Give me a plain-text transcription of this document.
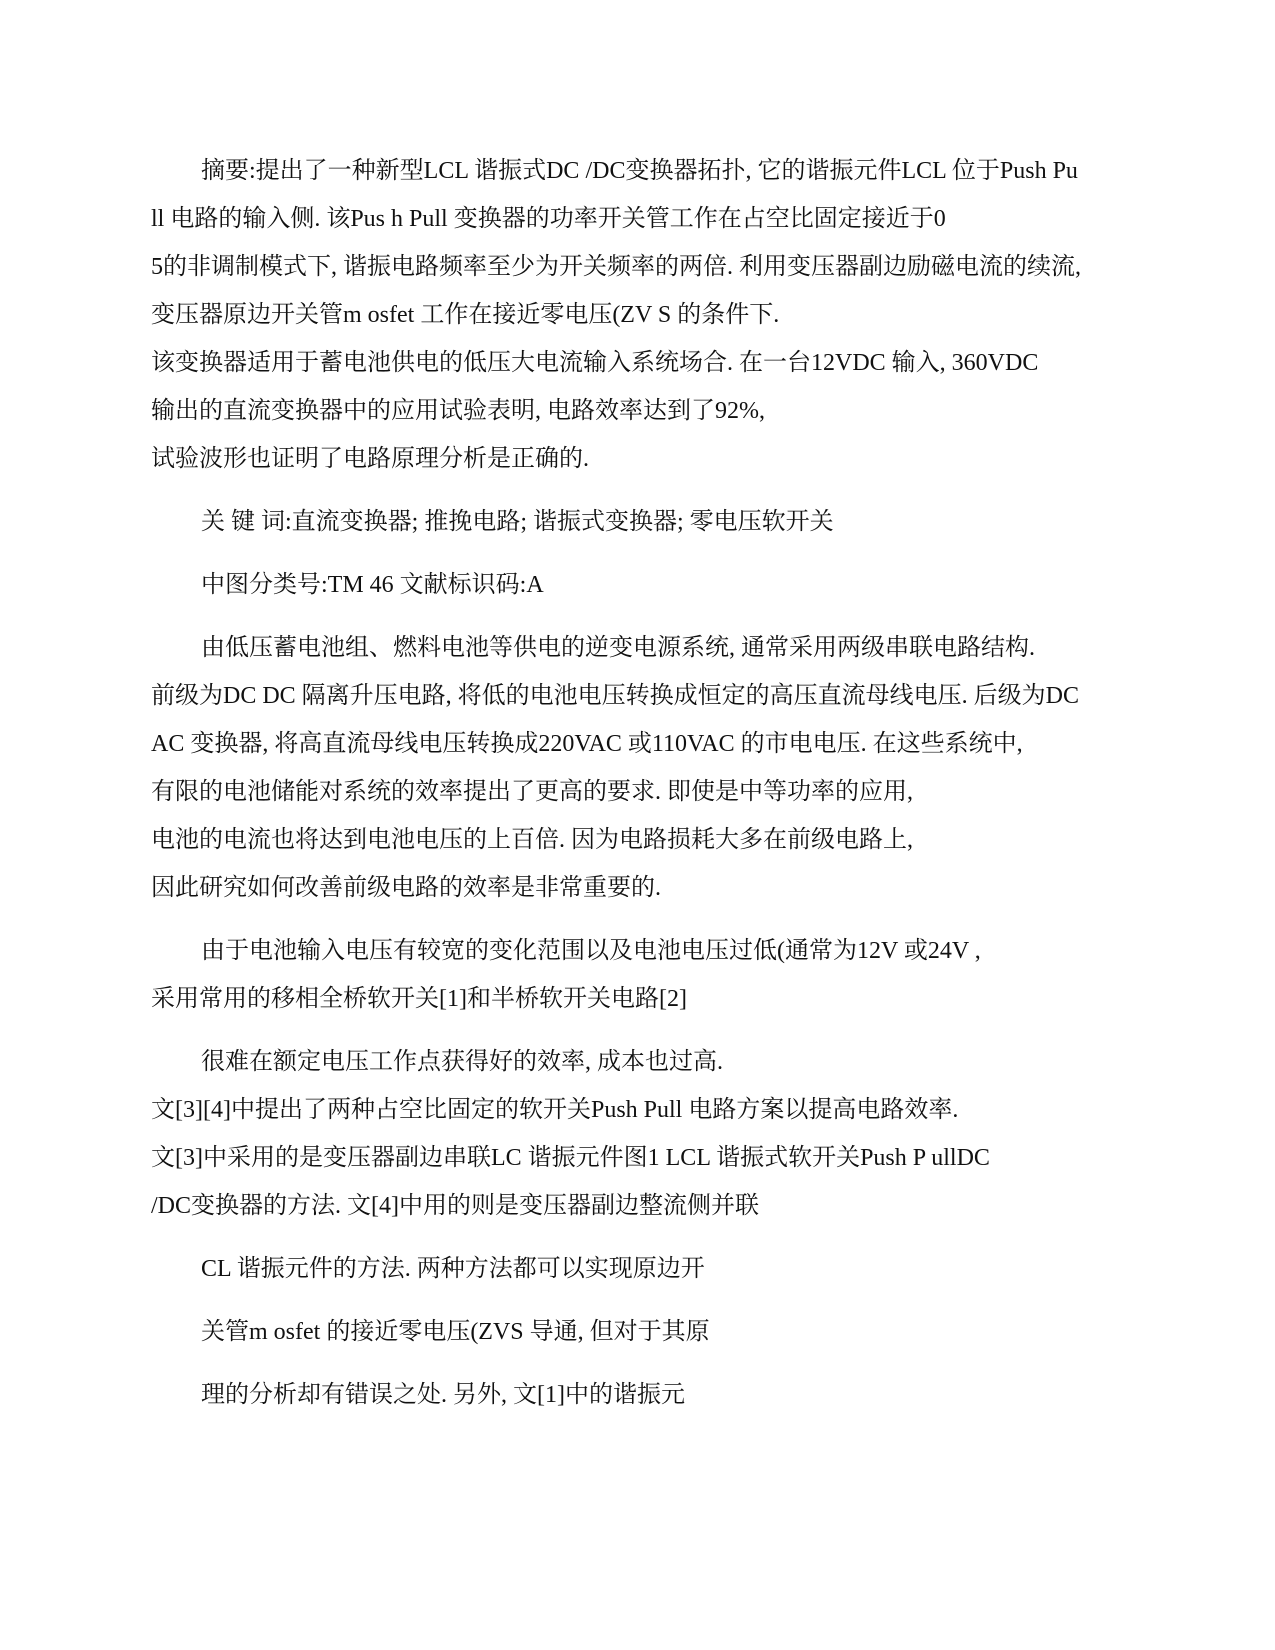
摘要:提出了一种新型LCL 谐振式DC /DC变换器拓扑, 它的谐振元件LCL 位于Push Pu
ll 电路的输入侧. 该Pus h Pull 变换器的功率开关管工作在占空比固定接近于0
5的非调制模式下, 谐振电路频率至少为开关频率的两倍. 利用变压器副边励磁电流的续流,
变压器原边开关管m osfet 工作在接近零电压(ZV S 的条件下.
该变换器适用于蓄电池供电的低压大电流输入系统场合. 在一台12VDC 输入, 360VDC
输出的直流变换器中的应用试验表明, 电路效率达到了92%,
试验波形也证明了电路原理分析是正确的.
关 键 词:直流变换器; 推挽电路; 谐振式变换器; 零电压软开关
中图分类号:TM 46 文献标识码:A
由低压蓄电池组、燃料电池等供电的逆变电源系统, 通常采用两级串联电路结构.
前级为DC DC 隔离升压电路, 将低的电池电压转换成恒定的高压直流母线电压. 后级为DC
AC 变换器, 将高直流母线电压转换成220VAC 或110VAC 的市电电压. 在这些系统中,
有限的电池储能对系统的效率提出了更高的要求. 即使是中等功率的应用,
电池的电流也将达到电池电压的上百倍. 因为电路损耗大多在前级电路上,
因此研究如何改善前级电路的效率是非常重要的.
由于电池输入电压有较宽的变化范围以及电池电压过低(通常为12V 或24V ,
采用常用的移相全桥软开关[1]和半桥软开关电路[2]
很难在额定电压工作点获得好的效率, 成本也过高.
文[3][4]中提出了两种占空比固定的软开关Push Pull 电路方案以提高电路效率.
文[3]中采用的是变压器副边串联LC 谐振元件图1 LCL 谐振式软开关Push P ullDC
/DC变换器的方法. 文[4]中用的则是变压器副边整流侧并联
CL 谐振元件的方法. 两种方法都可以实现原边开
关管m osfet 的接近零电压(ZVS 导通, 但对于其原
理的分析却有错误之处. 另外, 文[1]中的谐振元
